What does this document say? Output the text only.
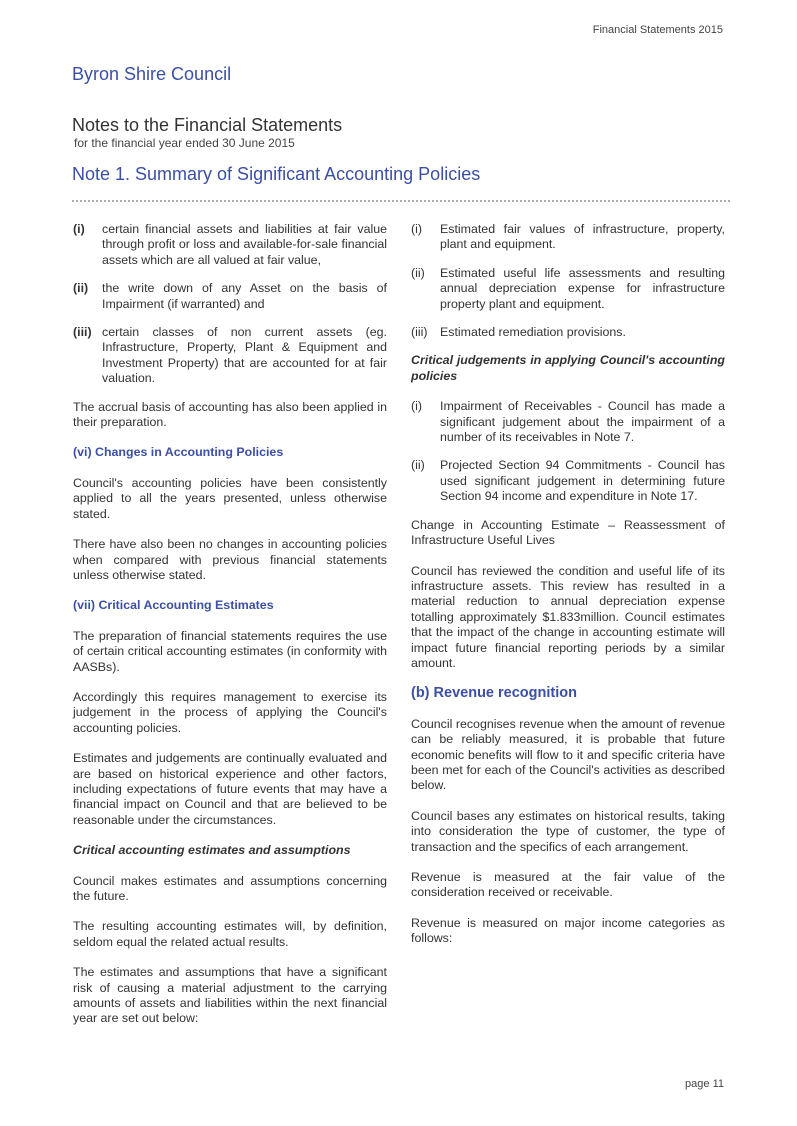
Financial Statements 2015
Byron Shire Council
Notes to the Financial Statements
for the financial year ended 30 June 2015
Note 1. Summary of Significant Accounting Policies
(i)	certain financial assets and liabilities at fair value through profit or loss and available-for-sale financial assets which are all valued at fair value,
(ii)	the write down of any Asset on the basis of Impairment (if warranted) and
(iii) certain classes of non current assets (eg. Infrastructure, Property, Plant & Equipment and Investment Property) that are accounted for at fair valuation.

The accrual basis of accounting has also been applied in their preparation.

(vi) Changes in Accounting Policies

Council's accounting policies have been consistently applied to all the years presented, unless otherwise stated.

There have also been no changes in accounting policies when compared with previous financial statements unless otherwise stated.

(vii) Critical Accounting Estimates

The preparation of financial statements requires the use of certain critical accounting estimates (in conformity with AASBs).

Accordingly this requires management to exercise its judgement in the process of applying the Council's accounting policies.

Estimates and judgements are continually evaluated and are based on historical experience and other factors, including expectations of future events that may have a financial impact on Council and that are believed to be reasonable under the circumstances.

Critical accounting estimates and assumptions

Council makes estimates and assumptions concerning the future.

The resulting accounting estimates will, by definition, seldom equal the related actual results.

The estimates and assumptions that have a significant risk of causing a material adjustment to the carrying amounts of assets and liabilities within the next financial year are set out below:

(i)	Estimated fair values of infrastructure, property, plant and equipment.
(ii)	Estimated useful life assessments and resulting annual depreciation expense for infrastructure property plant and equipment.
(iii)	Estimated remediation provisions.
Critical judgements in applying Council's accounting policies
(i)	Impairment of Receivables - Council has made a significant judgement about the impairment of a number of its receivables in Note 7.
(ii)	Projected Section 94 Commitments - Council has used significant judgement in determining future Section 94 income and expenditure in Note 17.

Change in Accounting Estimate – Reassessment of Infrastructure Useful Lives

Council has reviewed the condition and useful life of its infrastructure assets. This review has resulted in a material reduction to annual depreciation expense totalling approximately $1.833million. Council estimates that the impact of the change in accounting estimate will impact future financial reporting periods by a similar amount.

(b) Revenue recognition

Council recognises revenue when the amount of revenue can be reliably measured, it is probable that future economic benefits will flow to it and specific criteria have been met for each of the Council's activities as described below.

Council bases any estimates on historical results, taking into consideration the type of customer, the type of transaction and the specifics of each arrangement.

Revenue is measured at the fair value of the consideration received or receivable.

Revenue is measured on major income categories as follows:

page 11
